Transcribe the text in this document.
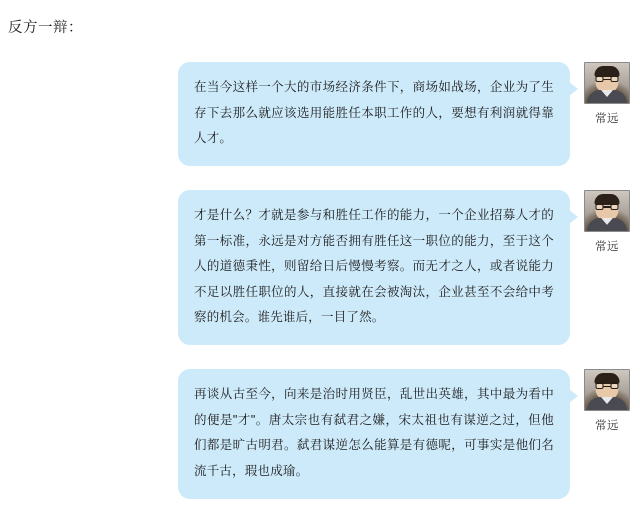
反方一辩：
在当今这样一个大的市场经济条件下，商场如战场，企业为了生存下去那么就应该选用能胜任本职工作的人，要想有利润就得靠人才。
常远
才是什么？才就是参与和胜任工作的能力，一个企业招募人才的第一标准，永远是对方能否拥有胜任这一职位的能力，至于这个人的道德秉性，则留给日后慢慢考察。而无才之人，或者说能力不足以胜任职位的人，直接就在会被淘汰，企业甚至不会给中考察的机会。谁先谁后，一目了然。
常远
再谈从古至今，向来是治时用贤臣，乱世出英雄，其中最为看中的便是"才"。唐太宗也有弑君之嫌，宋太祖也有谋逆之过，但他们都是旷古明君。弑君谋逆怎么能算是有德呢，可事实是他们名流千古，瑕也成瑜。
常远
